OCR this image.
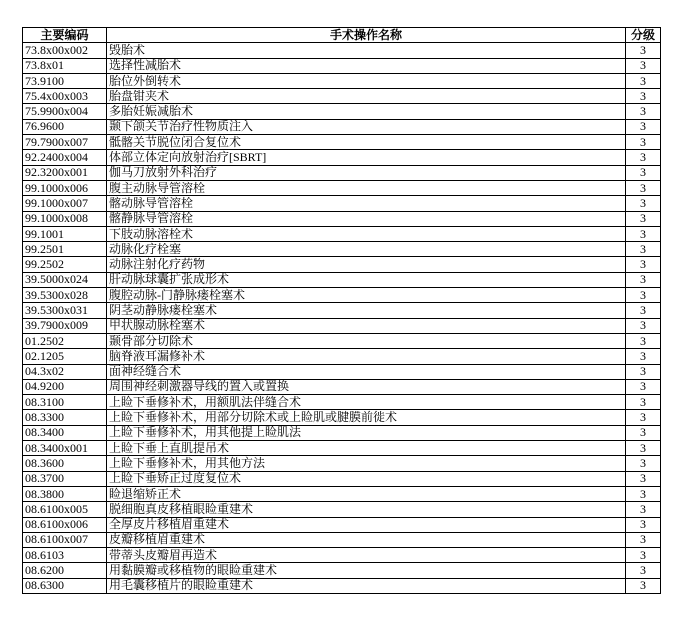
主要编码	手术操作名称	分级
73.8x00x002	毁胎术	3
73.8x01	选择性减胎术	3
73.9100	胎位外倒转术	3
75.4x00x003	胎盘钳夹术	3
75.9900x004	多胎妊娠减胎术	3
76.9600	颞下颌关节治疗性物质注入	3
79.7900x007	骶髂关节脱位闭合复位术	3
92.2400x004	体部立体定向放射治疗[SBRT]	3
92.3200x001	伽马刀放射外科治疗	3
99.1000x006	腹主动脉导管溶栓	3
99.1000x007	髂动脉导管溶栓	3
99.1000x008	髂静脉导管溶栓	3
99.1001	下肢动脉溶栓术	3
99.2501	动脉化疗栓塞	3
99.2502	动脉注射化疗药物	3
39.5000x024	肝动脉球囊扩张成形术	3
39.5300x028	腹腔动脉-门静脉瘘栓塞术	3
39.5300x031	阴茎动静脉瘘栓塞术	3
39.7900x009	甲状腺动脉栓塞术	3
01.2502	颞骨部分切除术	3
02.1205	脑脊液耳漏修补术	3
04.3x02	面神经缝合术	3
04.9200	周围神经刺激器导线的置入或置换	3
08.3100	上睑下垂修补术，用额肌法伴缝合术	3
08.3300	上睑下垂修补术，用部分切除术或上睑肌或腱膜前徙术	3
08.3400	上睑下垂修补术，用其他提上睑肌法	3
08.3400x001	上睑下垂上直肌提吊术	3
08.3600	上睑下垂修补术，用其他方法	3
08.3700	上睑下垂矫正过度复位术	3
08.3800	睑退缩矫正术	3
08.6100x005	脱细胞真皮移植眼睑重建术	3
08.6100x006	全厚皮片移植眉重建术	3
08.6100x007	皮瓣移植眉重建术	3
08.6103	带蒂头皮瓣眉再造术	3
08.6200	用黏膜瓣或移植物的眼睑重建术	3
08.6300	用毛囊移植片的眼睑重建术	3
